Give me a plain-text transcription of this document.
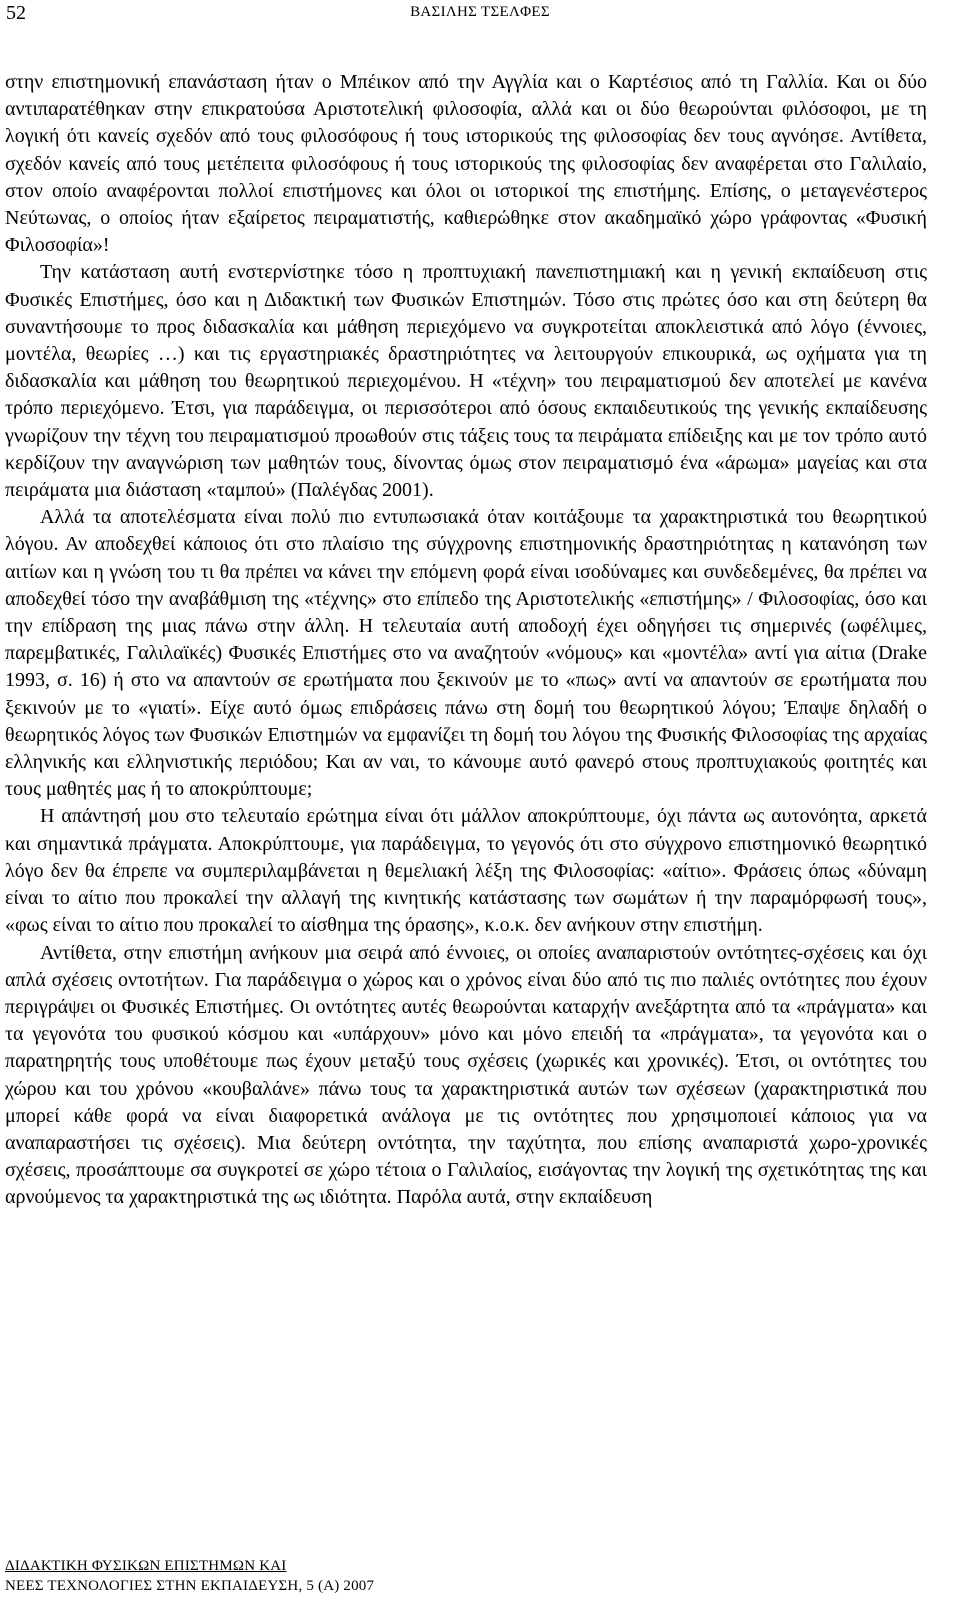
52	ΒΑΣΙΛΗΣ ΤΣΕΛΦΕΣ

στην επιστημονική επανάσταση ήταν ο Μπέικον από την Αγγλία και ο Καρτέσιος από τη Γαλλία. Και οι δύο αντιπαρατέθηκαν στην επικρατούσα Αριστοτελική φιλοσοφία, αλλά και οι δύο θεωρούνται φιλόσοφοι, με τη λογική ότι κανείς σχεδόν από τους φιλοσόφους ή τους ιστορικούς της φιλοσοφίας δεν τους αγνόησε. Αντίθετα, σχεδόν κανείς από τους μετέπειτα φιλοσόφους ή τους ιστορικούς της φιλοσοφίας δεν αναφέρεται στο Γαλιλαίο, στον οποίο αναφέρονται πολλοί επιστήμονες και όλοι οι ιστορικοί της επιστήμης. Επίσης, ο μεταγενέστερος Νεύτωνας, ο οποίος ήταν εξαίρετος πειραματιστής, καθιερώθηκε στον ακαδημαϊκό χώρο γράφοντας «Φυσική Φιλοσοφία»!

Την κατάσταση αυτή ενστερνίστηκε τόσο η προπτυχιακή πανεπιστημιακή και η γενική εκπαίδευση στις Φυσικές Επιστήμες, όσο και η Διδακτική των Φυσικών Επιστημών. Τόσο στις πρώτες όσο και στη δεύτερη θα συναντήσουμε το προς διδασκαλία και μάθηση περιεχόμενο να συγκροτείται αποκλειστικά από λόγο (έννοιες, μοντέλα, θεωρίες …) και τις εργαστηριακές δραστηριότητες να λειτουργούν επικουρικά, ως οχήματα για τη διδασκαλία και μάθηση του θεωρητικού περιεχομένου. Η «τέχνη» του πειραματισμού δεν αποτελεί με κανένα τρόπο περιεχόμενο. Έτσι, για παράδειγμα, οι περισσότεροι από όσους εκπαιδευτικούς της γενικής εκπαίδευσης γνωρίζουν την τέχνη του πειραματισμού προωθούν στις τάξεις τους τα πειράματα επίδειξης και με τον τρόπο αυτό κερδίζουν την αναγνώριση των μαθητών τους, δίνοντας όμως στον πειραματισμό ένα «άρωμα» μαγείας και στα πειράματα μια διάσταση «ταμπού» (Παλέγδας 2001).

Αλλά τα αποτελέσματα είναι πολύ πιο εντυπωσιακά όταν κοιτάξουμε τα χαρακτηριστικά του θεωρητικού λόγου. Αν αποδεχθεί κάποιος ότι στο πλαίσιο της σύγχρονης επιστημονικής δραστηριότητας η κατανόηση των αιτίων και η γνώση του τι θα πρέπει να κάνει την επόμενη φορά είναι ισοδύναμες και συνδεδεμένες, θα πρέπει να αποδεχθεί τόσο την αναβάθμιση της «τέχνης» στο επίπεδο της Αριστοτελικής «επιστήμης» / Φιλοσοφίας, όσο και την επίδραση της μιας πάνω στην άλλη. Η τελευταία αυτή αποδοχή έχει οδηγήσει τις σημερινές (ωφέλιμες, παρεμβατικές, Γαλιλαϊκές) Φυσικές Επιστήμες στο να αναζητούν «νόμους» και «μοντέλα» αντί για αίτια (Drake 1993, σ. 16) ή στο να απαντούν σε ερωτήματα που ξεκινούν με το «πως» αντί να απαντούν σε ερωτήματα που ξεκινούν με το «γιατί». Είχε αυτό όμως επιδράσεις πάνω στη δομή του θεωρητικού λόγου; Έπαψε δηλαδή ο θεωρητικός λόγος των Φυσικών Επιστημών να εμφανίζει τη δομή του λόγου της Φυσικής Φιλοσοφίας της αρχαίας ελληνικής και ελληνιστικής περιόδου; Και αν ναι, το κάνουμε αυτό φανερό στους προπτυχιακούς φοιτητές και τους μαθητές μας ή το αποκρύπτουμε;

Η απάντησή μου στο τελευταίο ερώτημα είναι ότι μάλλον αποκρύπτουμε, όχι πάντα ως αυτονόητα, αρκετά και σημαντικά πράγματα. Αποκρύπτουμε, για παράδειγμα, το γεγονός ότι στο σύγχρονο επιστημονικό θεωρητικό λόγο δεν θα έπρεπε να συμπεριλαμβάνεται η θεμελιακή λέξη της Φιλοσοφίας: «αίτιο». Φράσεις όπως «δύναμη είναι το αίτιο που προκαλεί την αλλαγή της κινητικής κατάστασης των σωμάτων ή την παραμόρφωσή τους», «φως είναι το αίτιο που προκαλεί το αίσθημα της όρασης», κ.ο.κ. δεν ανήκουν στην επιστήμη.

Αντίθετα, στην επιστήμη ανήκουν μια σειρά από έννοιες, οι οποίες αναπαριστούν οντότητες-σχέσεις και όχι απλά σχέσεις οντοτήτων. Για παράδειγμα ο χώρος και ο χρόνος είναι δύο από τις πιο παλιές οντότητες που έχουν περιγράψει οι Φυσικές Επιστήμες. Οι οντότητες αυτές θεωρούνται καταρχήν ανεξάρτητα από τα «πράγματα» και τα γεγονότα του φυσικού κόσμου και «υπάρχουν» μόνο και μόνο επειδή τα «πράγματα», τα γεγονότα και ο παρατηρητής τους υποθέτουμε πως έχουν μεταξύ τους σχέσεις (χωρικές και χρονικές). Έτσι, οι οντότητες του χώρου και του χρόνου «κουβαλάνε» πάνω τους τα χαρακτηριστικά αυτών των σχέσεων (χαρακτηριστικά που μπορεί κάθε φορά να είναι διαφορετικά ανάλογα με τις οντότητες που χρησιμοποιεί κάποιος για να αναπαραστήσει τις σχέσεις). Μια δεύτερη οντότητα, την ταχύτητα, που επίσης αναπαριστά χωρο-χρονικές σχέσεις, προσάπτουμε σα συγκροτεί σε χώρο τέτοια ο Γαλιλαίος, εισάγοντας την λογική της σχετικότητας της και αρνούμενος τα χαρακτηριστικά της ως ιδιότητα. Παρόλα αυτά, στην εκπαίδευση

ΔΙΔΑΚΤΙΚΗ ΦΥΣΙΚΩΝ ΕΠΙΣΤΗΜΩΝ ΚΑΙ
ΝΕΕΣ ΤΕΧΝΟΛΟΓΙΕΣ ΣΤΗΝ ΕΚΠΑΙΔΕΥΣΗ, 5 (Α) 2007
